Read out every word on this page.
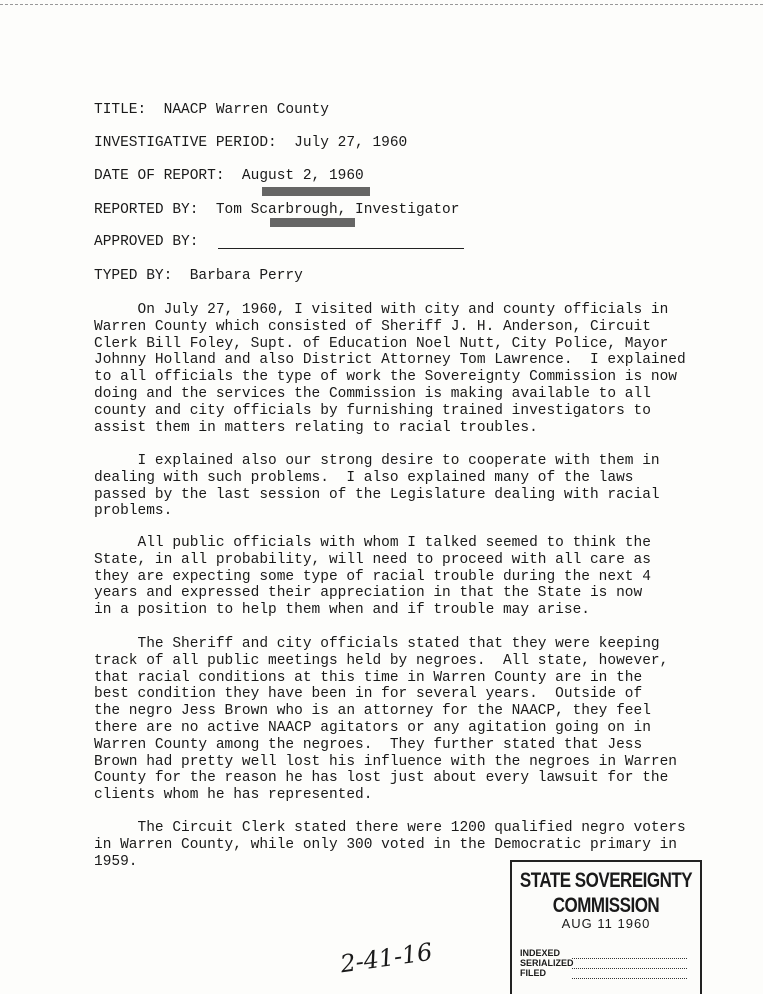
TITLE:  NAACP Warren County
INVESTIGATIVE PERIOD:  July 27, 1960
DATE OF REPORT:  August 2, 1960
REPORTED BY:  Tom Scarbrough, Investigator
APPROVED BY:
TYPED BY:  Barbara Perry
On July 27, 1960, I visited with city and county officials in
Warren County which consisted of Sheriff J. H. Anderson, Circuit
Clerk Bill Foley, Supt. of Education Noel Nutt, City Police, Mayor
Johnny Holland and also District Attorney Tom Lawrence.  I explained
to all officials the type of work the Sovereignty Commission is now
doing and the services the Commission is making available to all
county and city officials by furnishing trained investigators to
assist them in matters relating to racial troubles.
I explained also our strong desire to cooperate with them in
dealing with such problems.  I also explained many of the laws
passed by the last session of the Legislature dealing with racial
problems.
All public officials with whom I talked seemed to think the
State, in all probability, will need to proceed with all care as
they are expecting some type of racial trouble during the next 4
years and expressed their appreciation in that the State is now
in a position to help them when and if trouble may arise.
The Sheriff and city officials stated that they were keeping
track of all public meetings held by negroes.  All state, however,
that racial conditions at this time in Warren County are in the
best condition they have been in for several years.  Outside of
the negro Jess Brown who is an attorney for the NAACP, they feel
there are no active NAACP agitators or any agitation going on in
Warren County among the negroes.  They further stated that Jess
Brown had pretty well lost his influence with the negroes in Warren
County for the reason he has lost just about every lawsuit for the
clients whom he has represented.
The Circuit Clerk stated there were 1200 qualified negro voters
in Warren County, while only 300 voted in the Democratic primary in
1959.
STATE SOVEREIGNTY COMMISSION
AUG 11 1960
INDEXED
SERIALIZED
FILED
2-41-16
